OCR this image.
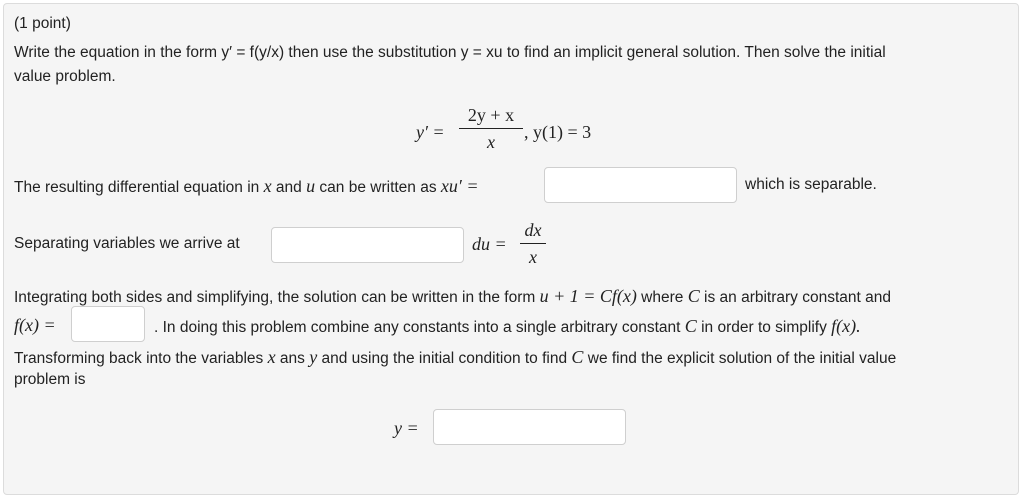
(1 point)
Write the equation in the form y′ = f(y/x) then use the substitution y = xu to find an implicit general solution. Then solve the initial
value problem.
y′ =
2y + x
x	, y(1) = 3
The resulting differential equation in x and u can be written as xu′ =	which is separable.
Separating variables we arrive at	du =
dx
x
Integrating both sides and simplifying, the solution can be written in the form u + 1 = Cf(x) where C is an arbitrary constant and
f(x) =	. In doing this problem combine any constants into a single arbitrary constant C in order to simplify f(x).
Transforming back into the variables x ans y and using the initial condition to find C we find the explicit solution of the initial value
problem is
y =
